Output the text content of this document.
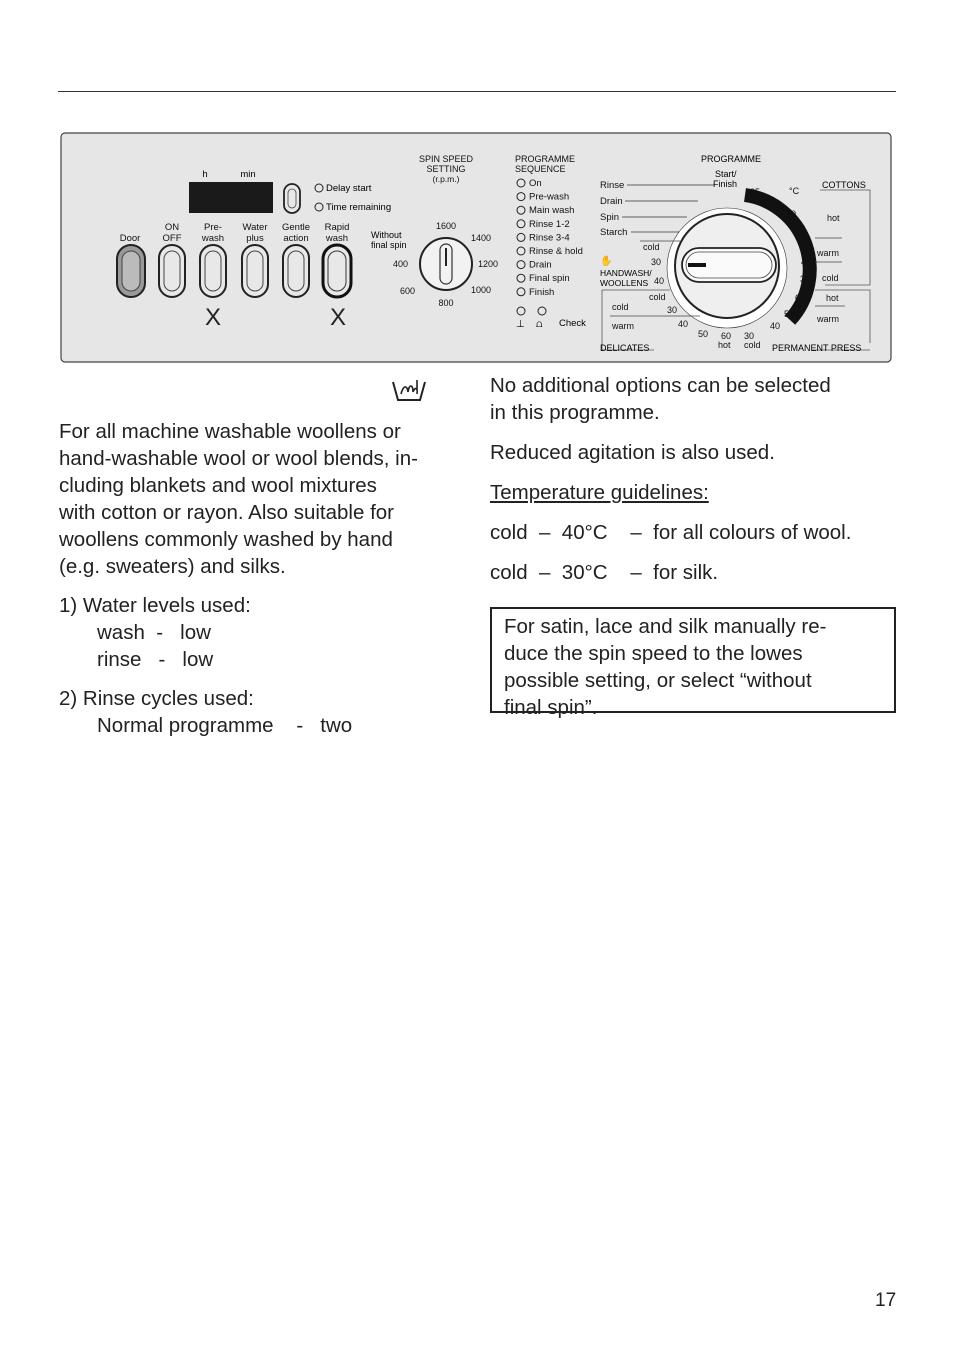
Door
ON
OFF
Pre-
wash
Water
plus
Gentle
action
Rapid
wash
X	X
h	min
Delay start
Time remaining
SPIN SPEED
SETTING
(r.p.m.)
Without
final spin
1600
1400
1200
1000
800
600
400
PROGRAMME
SEQUENCE
On
Pre-wash
Main wash
Rinse 1-2
Rinse 3-4
Rinse & hold
Drain
Final spin
Finish
⊥ ⩍ Check
PROGRAMME
Rinse
Drain
Spin
Starch
Start/
Finish	COTTONS
95	°C
80
70
60
50
40
30
hot
warm
cold
✋
HANDWASH/
WOOLLENS
cold
30
40
DELICATES
cold
30
40
50 60
hot
cold
warm
PERMANENT PRESS
60
50
40
30
cold
hot
warm

For all machine washable woollens or

hand-washable wool or wool blends, in-

cluding blankets and wool mixtures

with cotton or rayon. Also suitable for

woollens commonly washed by hand

(e.g. sweaters) and silks.

1) Water levels used:

wash  -   low
rinse   -   low

2) Rinse cycles used:

Normal programme    -   two

No additional options can be selected

in this programme.

Reduced agitation is also used.

Temperature guidelines:

cold  –  40°C    –  for all colours of wool.

cold  –  30°C    –  for silk.

For satin, lace and silk manually re-
duce the spin speed to the lowes
possible setting, or select “without
final spin”.
17
